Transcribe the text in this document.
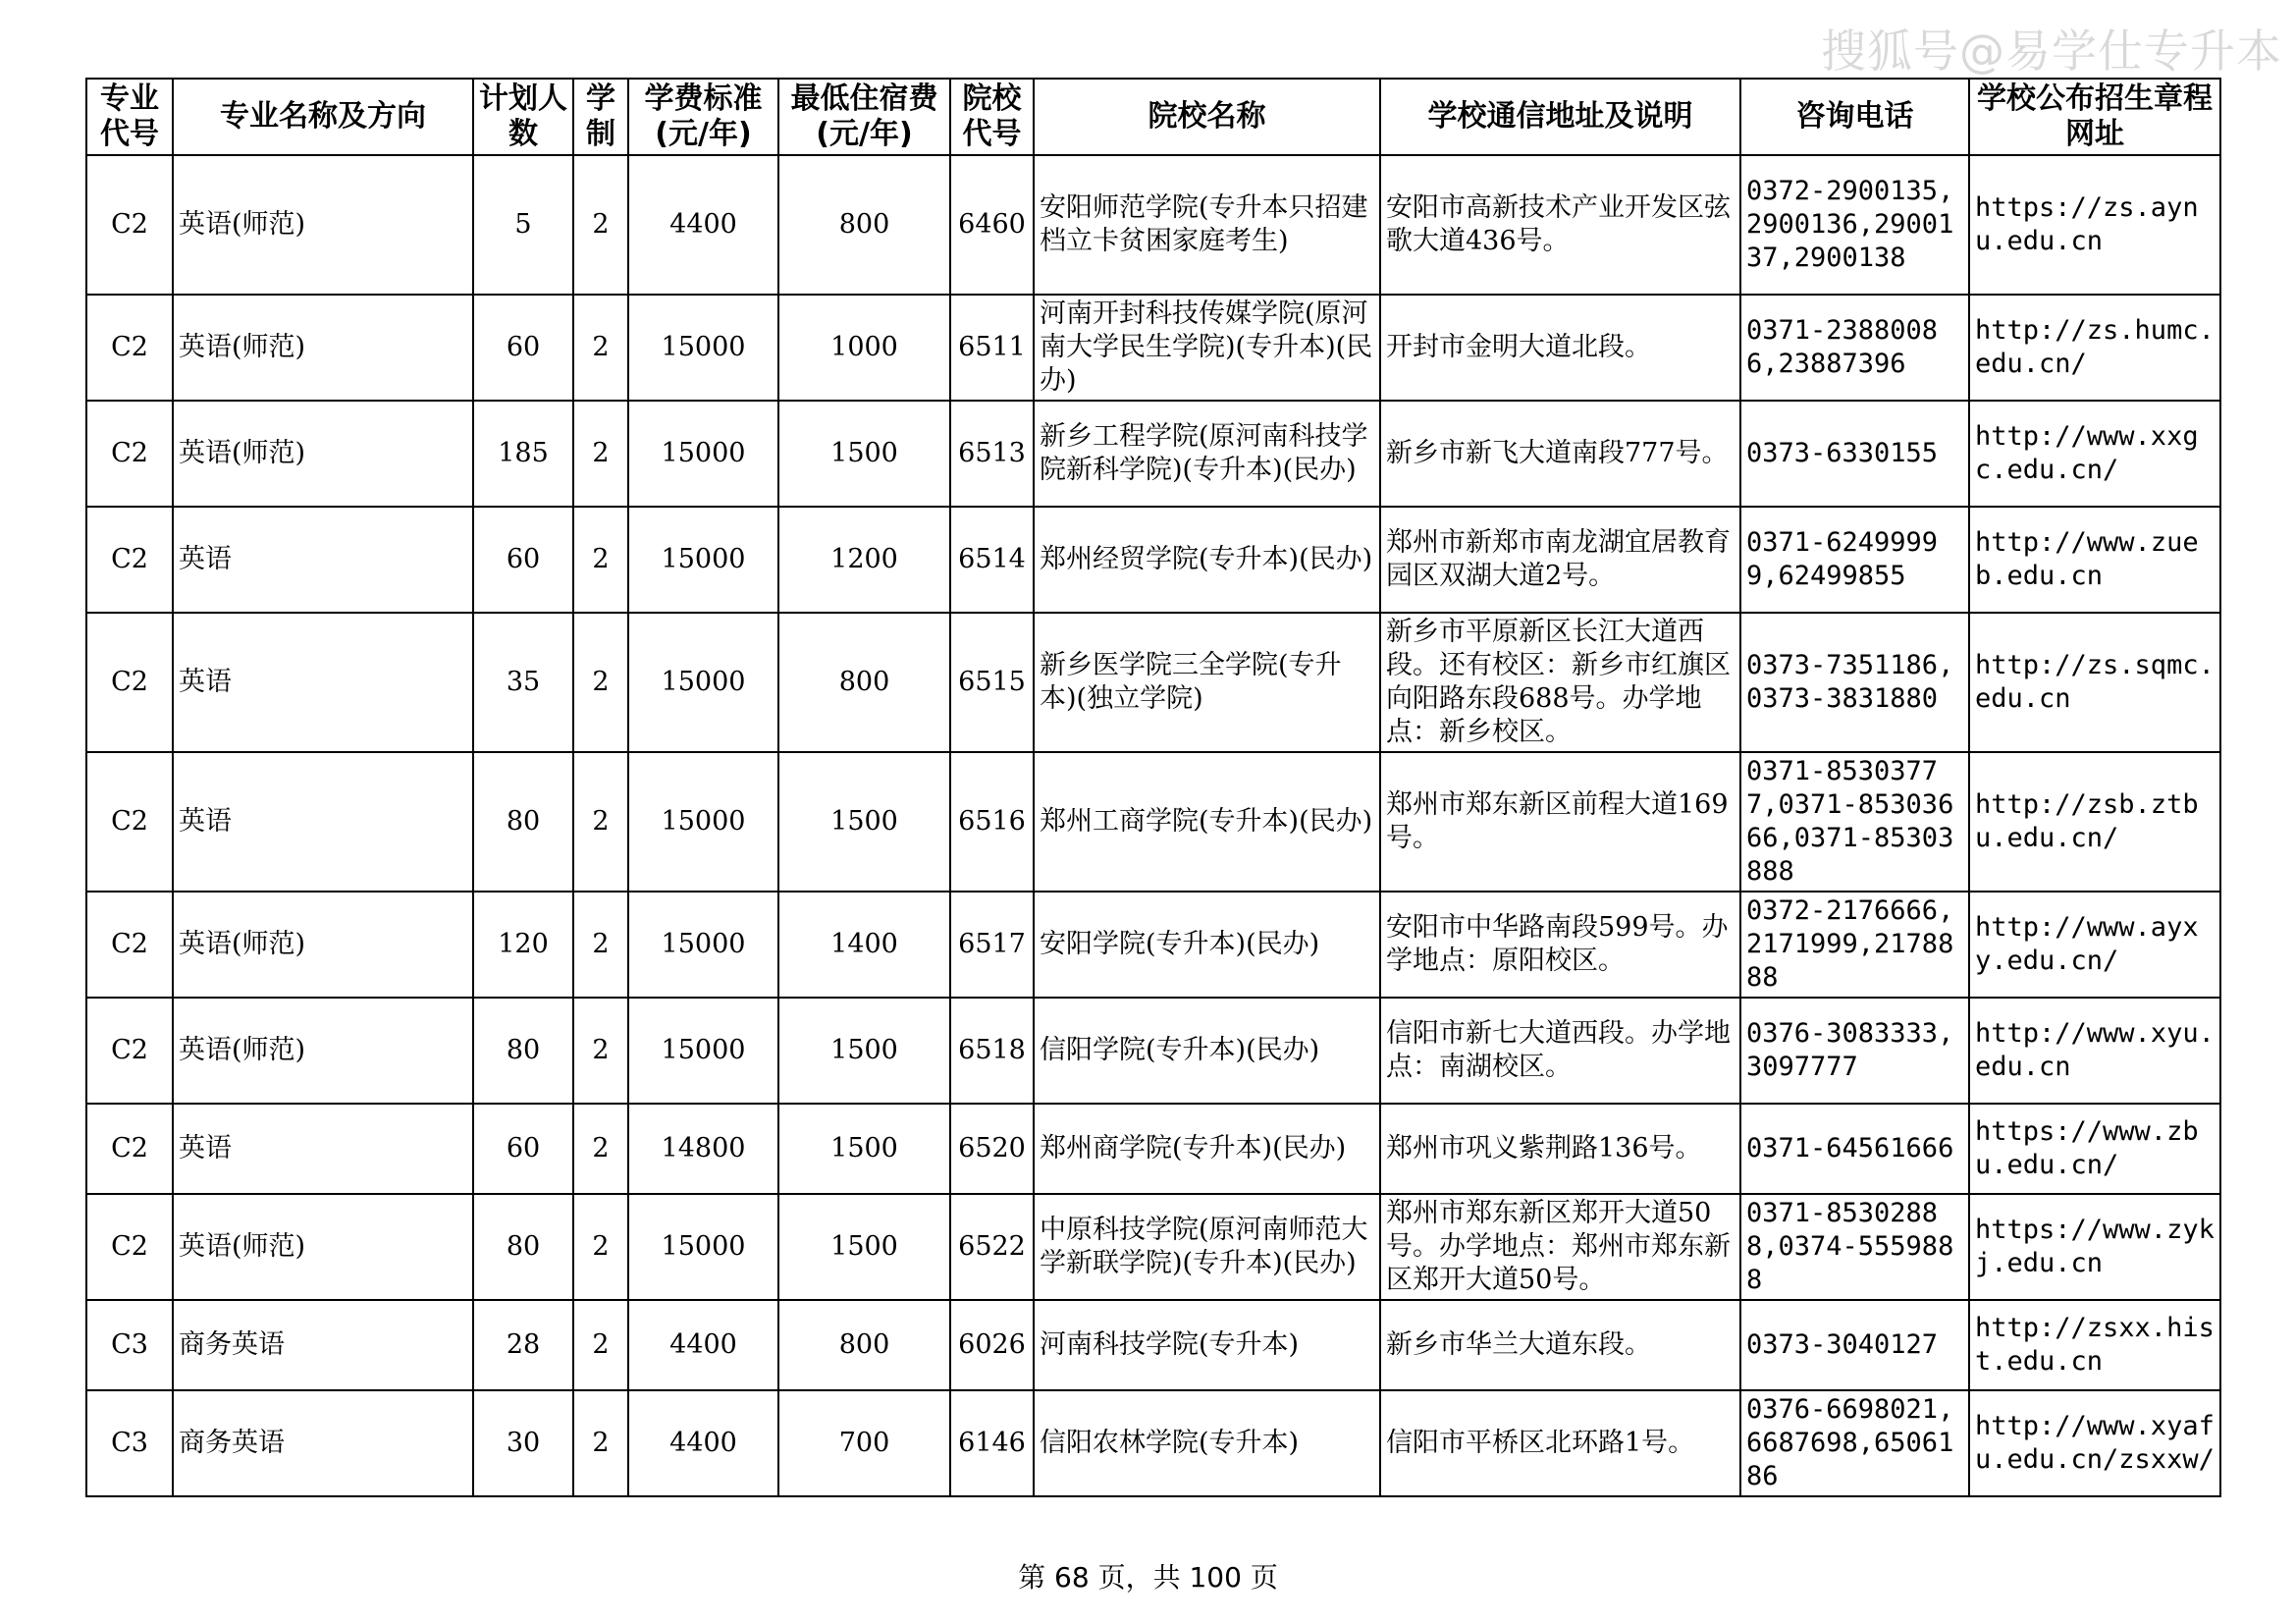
搜狐号@易学仕专升本
专业代号	专业名称及方向	计划人数	学制	学费标准(元/年)	最低住宿费(元/年)	院校代号	院校名称	学校通信地址及说明	咨询电话	学校公布招生章程网址
C2	英语(师范)	5	2	4400	800	6460	安阳师范学院(专升本只招建档立卡贫困家庭考生)	安阳市高新技术产业开发区弦歌大道436号。	0372-2900135,2900136,2900137,2900138	https://zs.aynu.edu.cn
C2	英语(师范)	60	2	15000	1000	6511	河南开封科技传媒学院(原河南大学民生学院)(专升本)(民办)	开封市金明大道北段。	0371-23880086,23887396	http://zs.humc.edu.cn/
C2	英语(师范)	185	2	15000	1500	6513	新乡工程学院(原河南科技学院新科学院)(专升本)(民办)	新乡市新飞大道南段777号。	0373-6330155	http://www.xxgc.edu.cn/
C2	英语	60	2	15000	1200	6514	郑州经贸学院(专升本)(民办)	郑州市新郑市南龙湖宜居教育园区双湖大道2号。	0371-62499999,62499855	http://www.zueb.edu.cn
C2	英语	35	2	15000	800	6515	新乡医学院三全学院(专升本)(独立学院)	新乡市平原新区长江大道西段。还有校区：新乡市红旗区向阳路东段688号。办学地点：新乡校区。	0373-7351186,0373-3831880	http://zs.sqmc.edu.cn
C2	英语	80	2	15000	1500	6516	郑州工商学院(专升本)(民办)	郑州市郑东新区前程大道169号。	0371-85303777,0371-85303666,0371-85303888	http://zsb.ztbu.edu.cn/
C2	英语(师范)	120	2	15000	1400	6517	安阳学院(专升本)(民办)	安阳市中华路南段599号。办学地点：原阳校区。	0372-2176666,2171999,2178888	http://www.ayxy.edu.cn/
C2	英语(师范)	80	2	15000	1500	6518	信阳学院(专升本)(民办)	信阳市新七大道西段。办学地点：南湖校区。	0376-3083333,3097777	http://www.xyu.edu.cn
C2	英语	60	2	14800	1500	6520	郑州商学院(专升本)(民办)	郑州市巩义紫荆路136号。	0371-64561666	https://www.zbu.edu.cn/
C2	英语(师范)	80	2	15000	1500	6522	中原科技学院(原河南师范大学新联学院)(专升本)(民办)	郑州市郑东新区郑开大道50号。办学地点：郑州市郑东新区郑开大道50号。	0371-85302888,0374-5559888	https://www.zykj.edu.cn
C3	商务英语	28	2	4400	800	6026	河南科技学院(专升本)	新乡市华兰大道东段。	0373-3040127	http://zsxx.hist.edu.cn
C3	商务英语	30	2	4400	700	6146	信阳农林学院(专升本)	信阳市平桥区北环路1号。	0376-6698021,6687698,6506186	http://www.xyafu.edu.cn/zsxxw/
第 68 页，共 100 页
